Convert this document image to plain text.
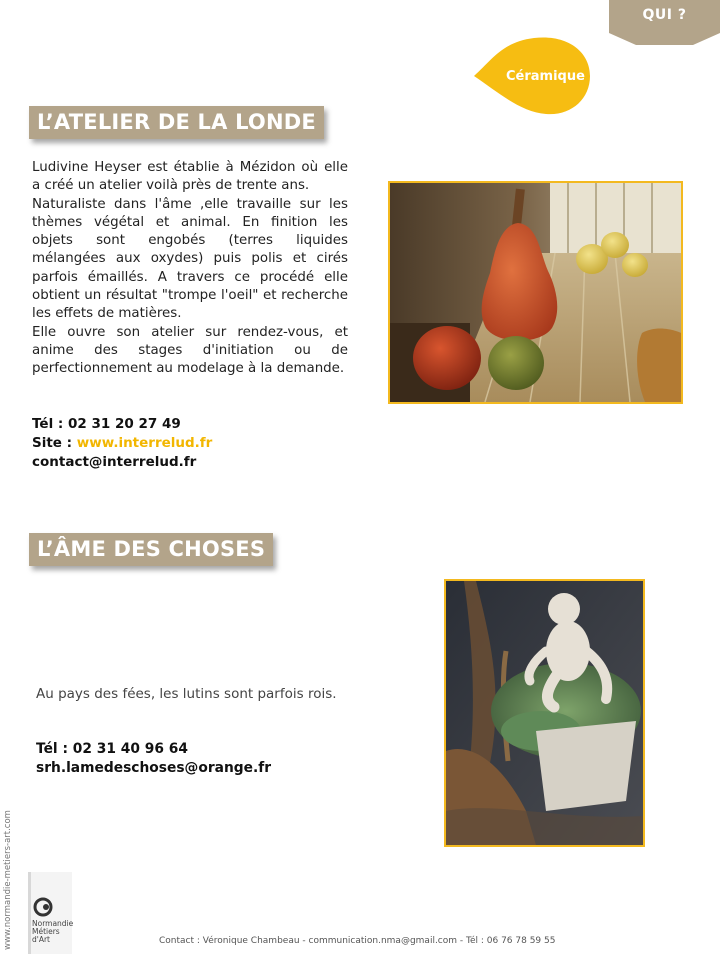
QUI ?
Céramique
L’ATELIER DE LA LONDE

Ludivine Heyser est établie à Mézidon où elle a créé un atelier voilà près de trente ans.

Naturaliste dans l'âme ,elle travaille sur les thèmes végétal et animal. En finition les objets sont engobés (terres liquides mélangées aux oxydes) puis polis et cirés parfois émaillés. A travers ce procédé elle obtient un résultat "trompe l'oeil" et recherche les effets de matières.

Elle ouvre son atelier sur rendez-vous, et anime des stages d'initiation ou de perfectionnement au modelage à la demande.

Tél : 02 31 20 27 49
Site : www.interrelud.fr
contact@interrelud.fr
L’ÂME DES CHOSES
Au pays des fées, les lutins sont parfois rois.
Tél : 02 31 40 96 64
srh.lamedeschoses@orange.fr
www.normandie-metiers-art.com	Normandie
Métiers
d'Art	Contact : Véronique Chambeau - communication.nma@gmail.com - Tél : 06 76 78 59 55
